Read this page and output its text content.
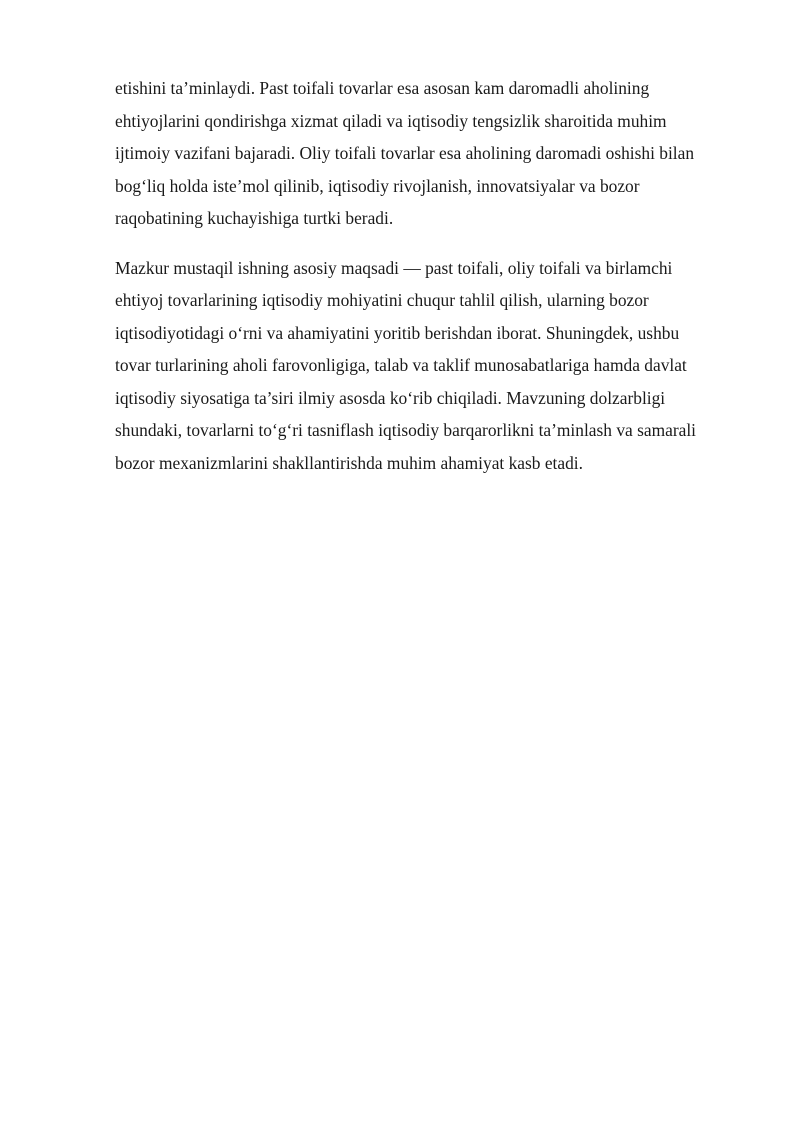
etishini ta’minlaydi. Past toifali tovarlar esa asosan kam daromadli aholining
ehtiyojlarini qondirishga xizmat qiladi va iqtisodiy tengsizlik sharoitida muhim
ijtimoiy vazifani bajaradi. Oliy toifali tovarlar esa aholining daromadi oshishi bilan
bog‘liq holda iste’mol qilinib, iqtisodiy rivojlanish, innovatsiyalar va bozor
raqobatining kuchayishiga turtki beradi.

Mazkur mustaqil ishning asosiy maqsadi — past toifali, oliy toifali va birlamchi
ehtiyoj tovarlarining iqtisodiy mohiyatini chuqur tahlil qilish, ularning bozor
iqtisodiyotidagi o‘rni va ahamiyatini yoritib berishdan iborat. Shuningdek, ushbu
tovar turlarining aholi farovonligiga, talab va taklif munosabatlariga hamda davlat
iqtisodiy siyosatiga ta’siri ilmiy asosda ko‘rib chiqiladi. Mavzuning dolzarbligi
shundaki, tovarlarni to‘g‘ri tasniflash iqtisodiy barqarorlikni ta’minlash va samarali
bozor mexanizmlarini shakllantirishda muhim ahamiyat kasb etadi.
